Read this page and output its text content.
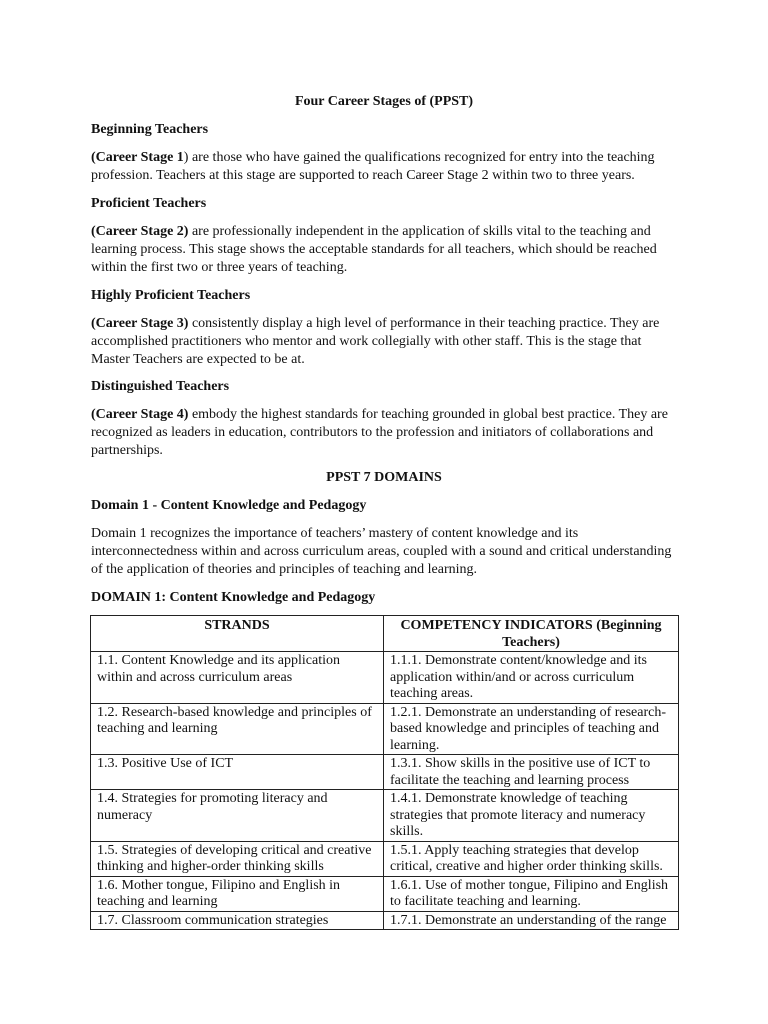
Four Career Stages of (PPST)

Beginning Teachers

(Career Stage 1) are those who have gained the qualifications recognized for entry into the teaching profession. Teachers at this stage are supported to reach Career Stage 2 within two to three years.

Proficient Teachers

(Career Stage 2) are professionally independent in the application of skills vital to the teaching and learning process. This stage shows the acceptable standards for all teachers, which should be reached within the first two or three years of teaching.

Highly Proficient Teachers

(Career Stage 3) consistently display a high level of performance in their teaching practice. They are accomplished practitioners who mentor and work collegially with other staff. This is the stage that Master Teachers are expected to be at.

Distinguished Teachers

(Career Stage 4) embody the highest standards for teaching grounded in global best practice. They are recognized as leaders in education, contributors to the profession and initiators of collaborations and partnerships.

PPST 7 DOMAINS

Domain 1 - Content Knowledge and Pedagogy

Domain 1 recognizes the importance of teachers’ mastery of content knowledge and its interconnectedness within and across curriculum areas, coupled with a sound and critical understanding of the application of theories and principles of teaching and learning.

DOMAIN 1: Content Knowledge and Pedagogy

STRANDS	COMPETENCY INDICATORS (Beginning Teachers)
1.1. Content Knowledge and its application within and across curriculum areas	1.1.1. Demonstrate content/knowledge and its application within/and or across curriculum teaching areas.
1.2. Research-based knowledge and principles of teaching and learning	1.2.1. Demonstrate an understanding of research-based knowledge and principles of teaching and learning.
1.3. Positive Use of ICT	1.3.1. Show skills in the positive use of ICT to facilitate the teaching and learning process
1.4. Strategies for promoting literacy and numeracy	1.4.1. Demonstrate knowledge of teaching strategies that promote literacy and numeracy skills.
1.5. Strategies of developing critical and creative thinking and higher-order thinking skills	1.5.1. Apply teaching strategies that develop critical, creative and higher order thinking skills.
1.6. Mother tongue, Filipino and English in teaching and learning	1.6.1. Use of mother tongue, Filipino and English to facilitate teaching and learning.
1.7. Classroom communication strategies	1.7.1. Demonstrate an understanding of the range
